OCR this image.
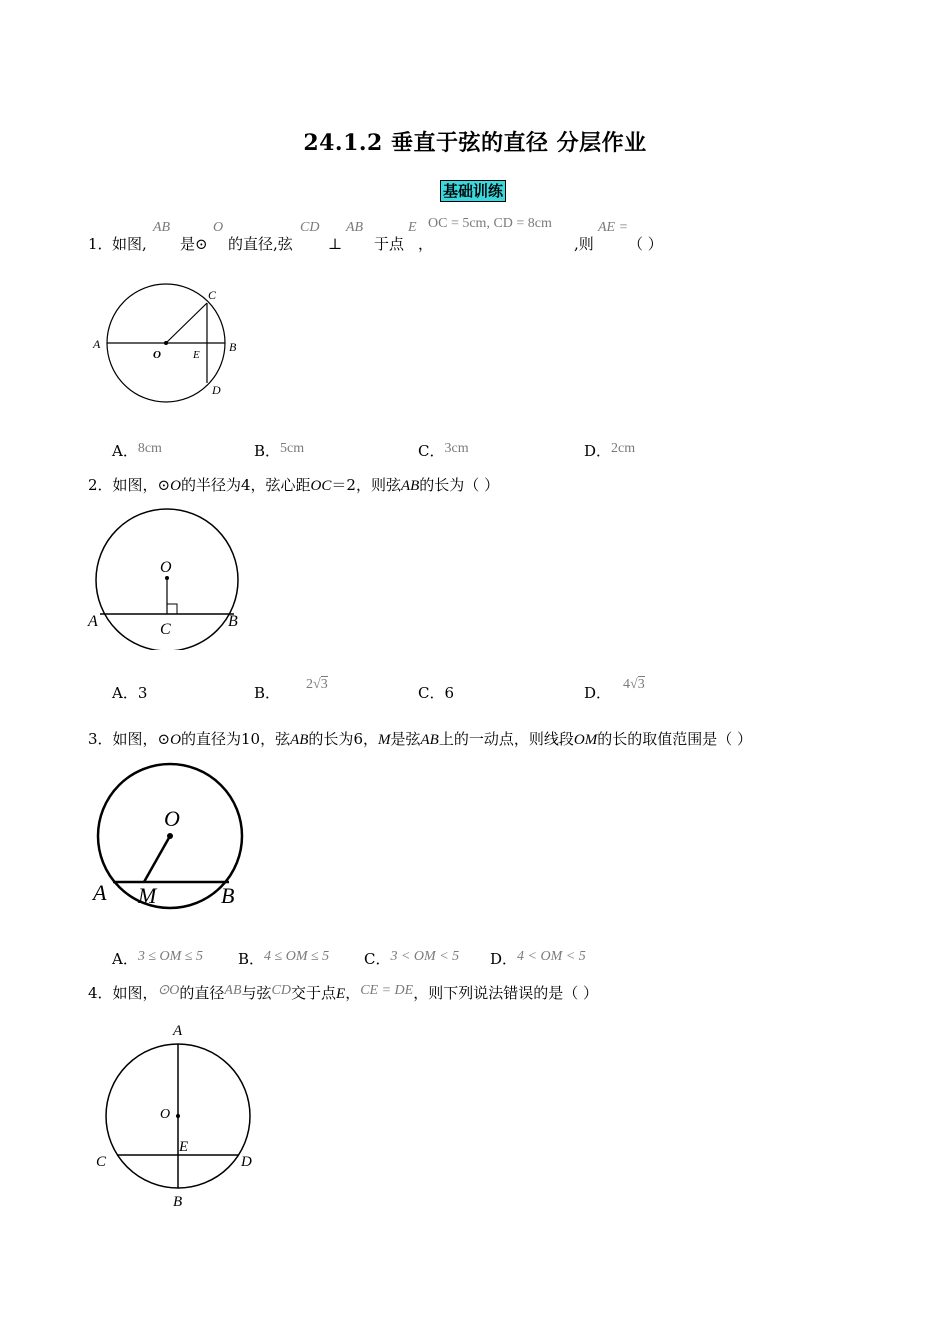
24.1.2 垂直于弦的直径 分层作业
基础训练
1． 如图,
AB
是⊙
O
的直径,弦
CD
⊥
AB
于点
E
，
OC = 5cm, CD = 8cm
,则
AE =
（ ）
A
O	E
B
C
D
A．8cm	B．5cm	C．3cm	D．2cm
2．如图，⊙O的半径为4，弦心距OC＝2，则弦AB的长为（ ）
O
A	C	B
A．3	B． 2√3	C．6	D． 4√3
3．如图，⊙O的直径为10，弦AB的长为6，M是弦AB上的一动点，则线段OM的长的取值范围是（ ）
O
A M	B
A．3 ≤ OM ≤ 5 B．4 ≤ OM ≤ 5 C．3 < OM < 5 D．4 < OM < 5
4．如图，⊙O的直径AB与弦CD交于点E，CE = DE，则下列说法错误的是（ ）
A
O
E
C	D
B
